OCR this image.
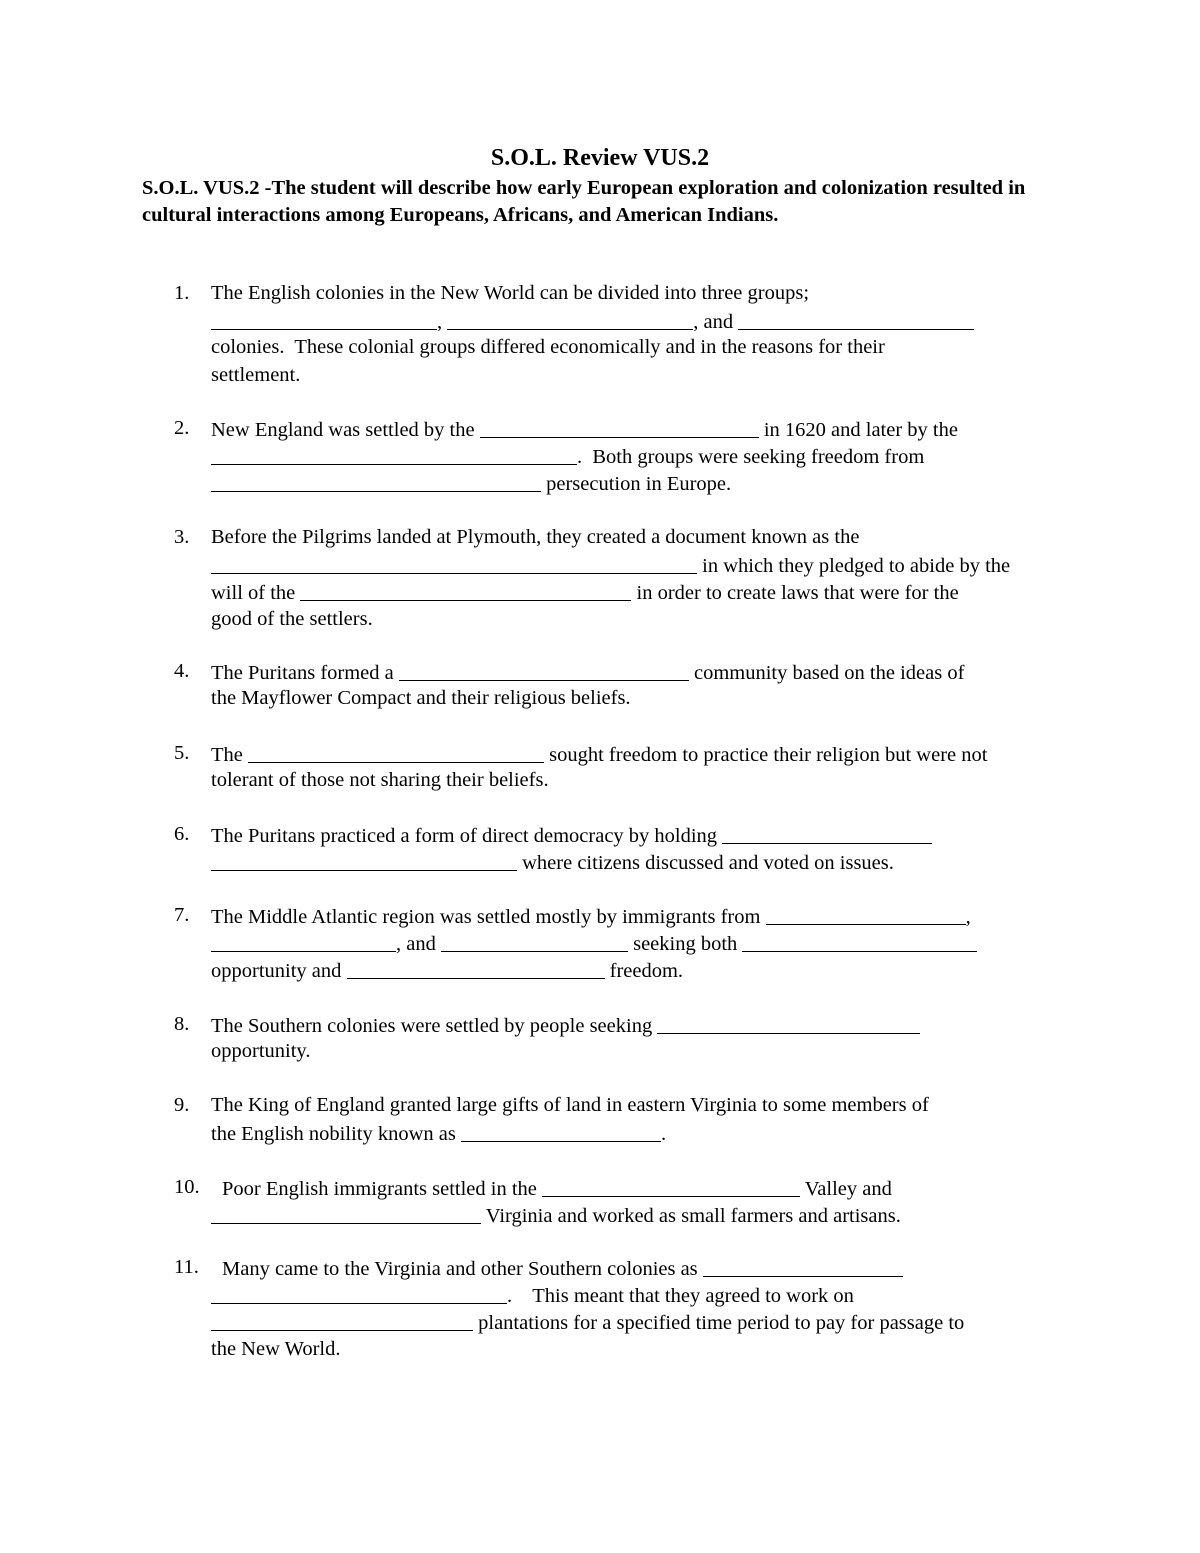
S.O.L. Review VUS.2
S.O.L. VUS.2 -The student will describe how early European exploration and colonization resulted in cultural interactions among Europeans, Africans, and American Indians.
1. The English colonies in the New World can be divided into three groups;
,	, and
colonies.  These colonial groups differed economically and in the reasons for their
settlement.
2. New England was settled by the	in 1620 and later by the
.  Both groups were seeking freedom from
persecution in Europe.
3. Before the Pilgrims landed at Plymouth, they created a document known as the
in which they pledged to abide by the
will of the	in order to create laws that were for the
good of the settlers.
4. The Puritans formed a	community based on the ideas of
the Mayflower Compact and their religious beliefs.
5. The	sought freedom to practice their religion but were not
tolerant of those not sharing their beliefs.
6. The Puritans practiced a form of direct democracy by holding
where citizens discussed and voted on issues.
7. The Middle Atlantic region was settled mostly by immigrants from	,
, and	seeking both
opportunity and	freedom.
8. The Southern colonies were settled by people seeking
opportunity.
9. The King of England granted large gifts of land in eastern Virginia to some members of
the English nobility known as	.
10. Poor English immigrants settled in the	Valley and
Virginia and worked as small farmers and artisans.
11. Many came to the Virginia and other Southern colonies as
.    This meant that they agreed to work on
plantations for a specified time period to pay for passage to
the New World.
